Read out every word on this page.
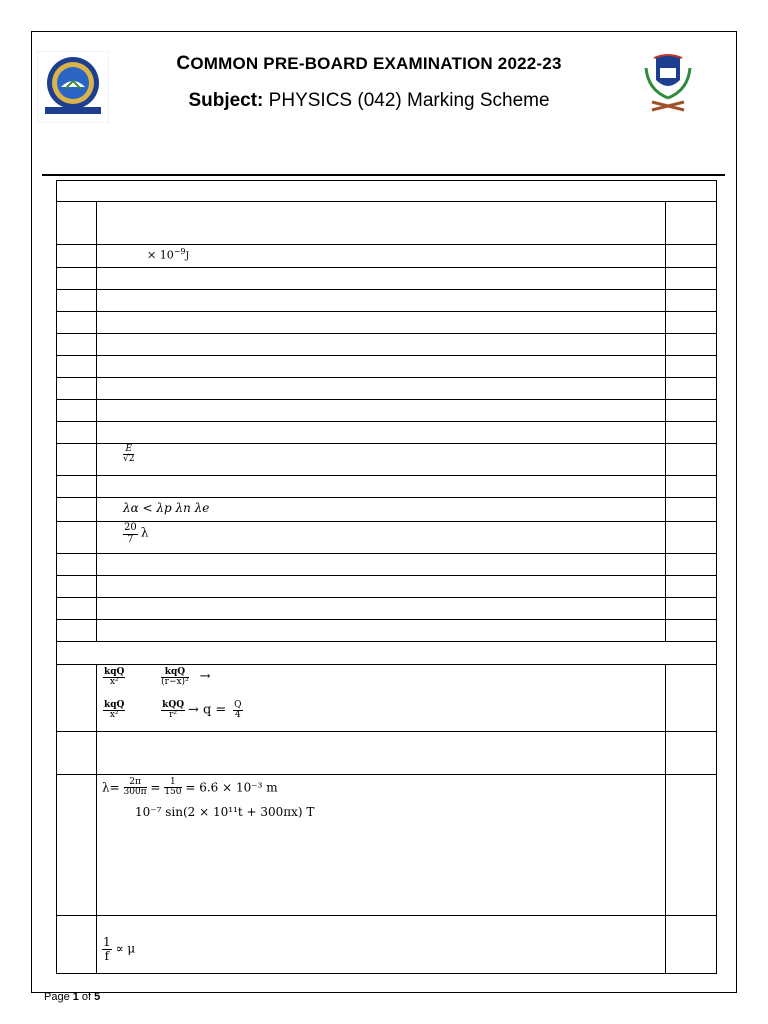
COMMON PRE-BOARD EXAMINATION 2022-23
Subject: PHYSICS (042) Marking Scheme
× $10^{-9}J$
$\frac{E}{√2}$
λα < λp λn λe
$\frac{20}{7}$ λ
$\frac{\text{kqQ}}{\text{x²}}$
	$\frac{\text{kqQ}}{\text{(r−x)²}}$ →
$\frac{\text{kqQ}}{\text{x²}}$
	$\frac{\text{kQQ}}{\text{r²}} \to q = \frac{Q}{4}$
$\lambda= \frac{2\pi}{300\pi} = \frac{1}{150} = 6.6 \times 10^{-3}$ m
10⁻⁷ sin(2 × 10¹¹t + 300πx) T
$\frac{1}{f} \propto \mu$
Page 1 of 5
